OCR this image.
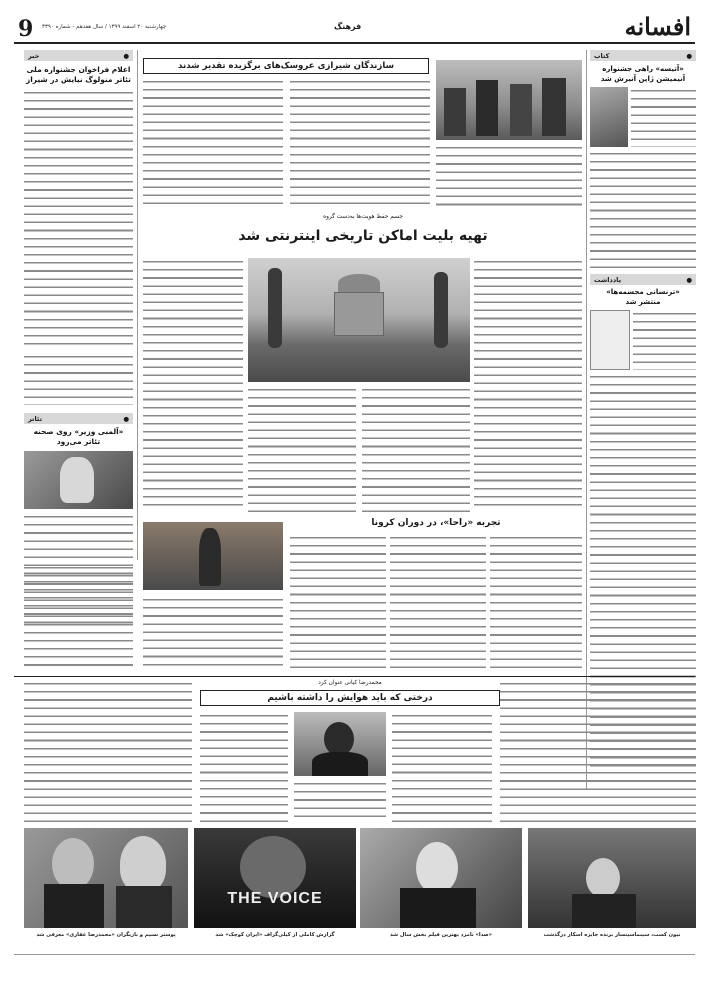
9 چهارشنبه ۲۰ اسفند ۱۳۹۹ / سال هفدهم - شماره ۳۳۹۰	فرهنگ	افسانه
●
خبر
اعلام فراخوان جشنواره ملی
تئاتر منولوگ نیایش در شیراز
●
تئاتر
«آلمبی وزیر» روی صحنه
تئاتر می‌رود
سازندگان شیرازی عروسک‌های برگزیده تقدیر شدند
●
کتاب
«آتیسه» راهی جشنواره
آنیمیشن ژاپن آنیرش شد
●
یادداشت
«ترنسانی مجسمه‌ها»
منتشر شد
جسم حفظ هویت‌ها به‌دست گروه
تهیه بلیت اماکن تاریخی اینترنتی شد
تجربه «راحا»، در دوران کرونا
محمدرضا کیانی عنوان کرد
درختی که باید هوایش را داشته باشیم
نیون کست، سینماسیتسار برنده جایزه اسکار درگذشت
«صدا» نامزد بهترین فیلم بخش سال شد
THE VOICE
گزارش کاملی از کیلی‌گراف «ایران کوچک» شد
پوستر نسیم و بازیگران «محمدرضا غفاری» معرفی شد
